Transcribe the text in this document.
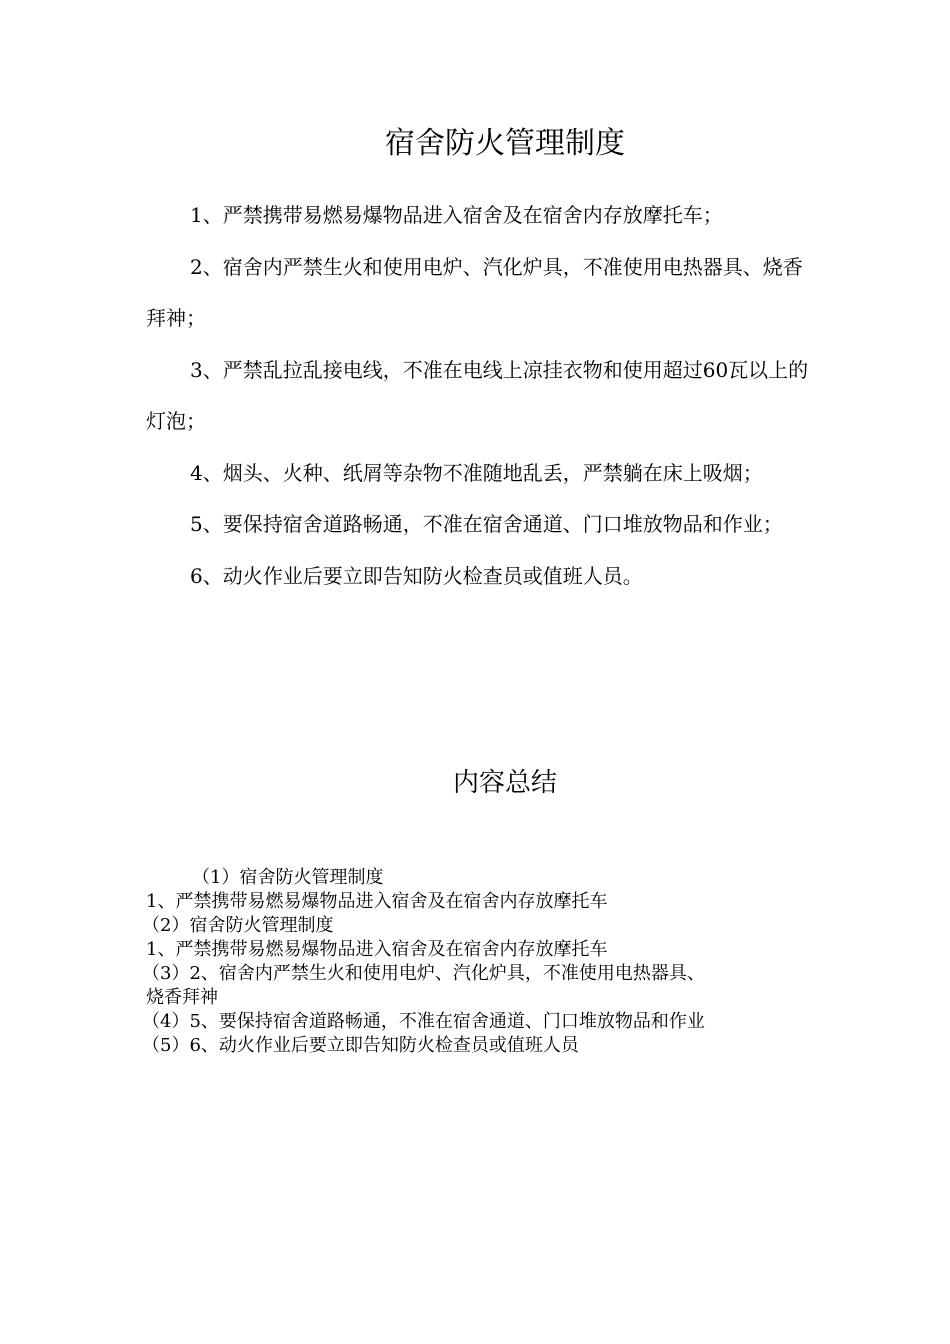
宿舍防火管理制度

1、严禁携带易燃易爆物品进入宿舍及在宿舍内存放摩托车；

2、宿舍内严禁生火和使用电炉、汽化炉具，不准使用电热器具、烧香拜神；

3、严禁乱拉乱接电线，不准在电线上凉挂衣物和使用超过60瓦以上的灯泡；

4、烟头、火种、纸屑等杂物不准随地乱丢，严禁躺在床上吸烟；

5、要保持宿舍道路畅通，不准在宿舍通道、门口堆放物品和作业；

6、动火作业后要立即告知防火检查员或值班人员。

内容总结

（1）宿舍防火管理制度

1、严禁携带易燃易爆物品进入宿舍及在宿舍内存放摩托车

（2）宿舍防火管理制度

1、严禁携带易燃易爆物品进入宿舍及在宿舍内存放摩托车

（3）2、宿舍内严禁生火和使用电炉、汽化炉具，不准使用电热器具、

烧香拜神

（4）5、要保持宿舍道路畅通，不准在宿舍通道、门口堆放物品和作业

（5）6、动火作业后要立即告知防火检查员或值班人员
